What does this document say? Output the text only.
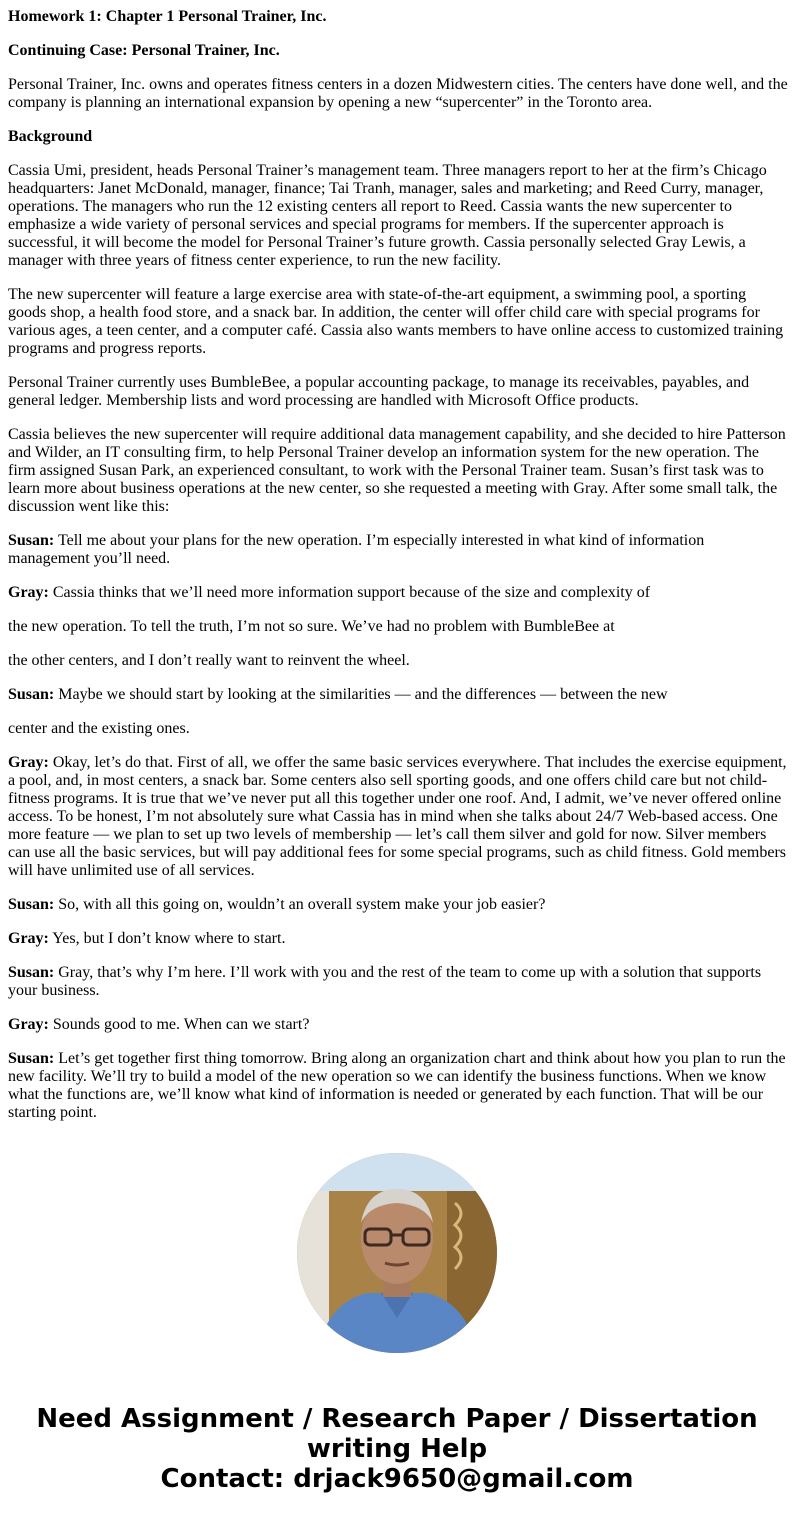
Homework 1: Chapter 1 Personal Trainer, Inc.

Continuing Case: Personal Trainer, Inc.

Personal Trainer, Inc. owns and operates fitness centers in a dozen Midwestern cities. The centers have done well, and the company is planning an international expansion by opening a new “supercenter” in the Toronto area.

Background

Cassia Umi, president, heads Personal Trainer’s management team. Three managers report to her at the firm’s Chicago headquarters: Janet McDonald, manager, finance; Tai Tranh, manager, sales and marketing; and Reed Curry, manager, operations. The managers who run the 12 existing centers all report to Reed. Cassia wants the new supercenter to emphasize a wide variety of personal services and special programs for members. If the supercenter approach is successful, it will become the model for Personal Trainer’s future growth. Cassia personally selected Gray Lewis, a manager with three years of fitness center experience, to run the new facility.

The new supercenter will feature a large exercise area with state-of-the-art equipment, a swimming pool, a sporting goods shop, a health food store, and a snack bar. In addition, the center will offer child care with special programs for various ages, a teen center, and a computer café. Cassia also wants members to have online access to customized training programs and progress reports.

Personal Trainer currently uses BumbleBee, a popular accounting package, to manage its receivables, payables, and general ledger. Membership lists and word processing are handled with Microsoft Office products.

Cassia believes the new supercenter will require additional data management capability, and she decided to hire Patterson and Wilder, an IT consulting firm, to help Personal Trainer develop an information system for the new operation. The firm assigned Susan Park, an experienced consultant, to work with the Personal Trainer team. Susan’s first task was to learn more about business operations at the new center, so she requested a meeting with Gray. After some small talk, the discussion went like this:

Susan: Tell me about your plans for the new operation. I’m especially interested in what kind of information management you’ll need.

Gray: Cassia thinks that we’ll need more information support because of the size and complexity of

the new operation. To tell the truth, I’m not so sure. We’ve had no problem with BumbleBee at

the other centers, and I don’t really want to reinvent the wheel.

Susan: Maybe we should start by looking at the similarities — and the differences — between the new

center and the existing ones.

Gray: Okay, let’s do that. First of all, we offer the same basic services everywhere. That includes the exercise equipment, a pool, and, in most centers, a snack bar. Some centers also sell sporting goods, and one offers child care but not child-fitness programs. It is true that we’ve never put all this together under one roof. And, I admit, we’ve never offered online access. To be honest, I’m not absolutely sure what Cassia has in mind when she talks about 24/7 Web-based access. One more feature — we plan to set up two levels of membership — let’s call them silver and gold for now. Silver members can use all the basic services, but will pay additional fees for some special programs, such as child fitness. Gold members will have unlimited use of all services.

Susan: So, with all this going on, wouldn’t an overall system make your job easier?

Gray: Yes, but I don’t know where to start.

Susan: Gray, that’s why I’m here. I’ll work with you and the rest of the team to come up with a solution that supports your business.

Gray: Sounds good to me. When can we start?

Susan: Let’s get together first thing tomorrow. Bring along an organization chart and think about how you plan to run the new facility. We’ll try to build a model of the new operation so we can identify the business functions. When we know what the functions are, we’ll know what kind of information is needed or generated by each function. That will be our starting point.

Need Assignment / Research Paper / Dissertation
writing Help
Contact: drjack9650@gmail.com
